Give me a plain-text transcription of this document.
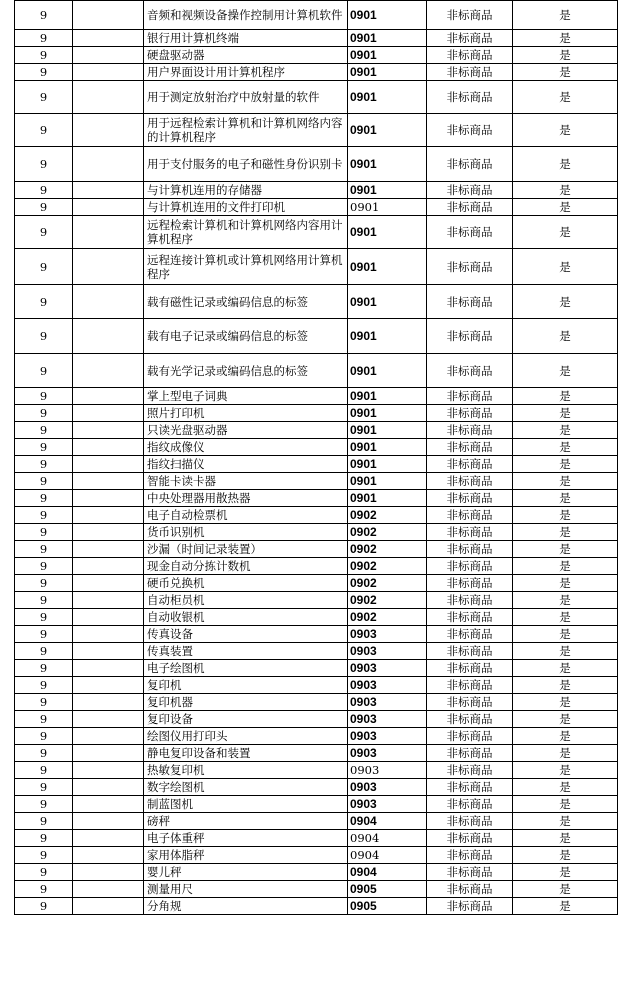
9		音频和视频设备操作控制用计算机软件	0901	非标商品	是
9		银行用计算机终端	0901	非标商品	是
9		硬盘驱动器	0901	非标商品	是
9		用户界面设计用计算机程序	0901	非标商品	是
9		用于测定放射治疗中放射量的软件	0901	非标商品	是
9		用于远程检索计算机和计算机网络内容的计算机程序	0901	非标商品	是
9		用于支付服务的电子和磁性身份识别卡	0901	非标商品	是
9		与计算机连用的存储器	0901	非标商品	是
9		与计算机连用的文件打印机	0901	非标商品	是
9		远程检索计算机和计算机网络内容用计算机程序	0901	非标商品	是
9		远程连接计算机或计算机网络用计算机程序	0901	非标商品	是
9		载有磁性记录或编码信息的标签	0901	非标商品	是
9		载有电子记录或编码信息的标签	0901	非标商品	是
9		载有光学记录或编码信息的标签	0901	非标商品	是
9		掌上型电子词典	0901	非标商品	是
9		照片打印机	0901	非标商品	是
9		只读光盘驱动器	0901	非标商品	是
9		指纹成像仪	0901	非标商品	是
9		指纹扫描仪	0901	非标商品	是
9		智能卡读卡器	0901	非标商品	是
9		中央处理器用散热器	0901	非标商品	是
9		电子自动检票机	0902	非标商品	是
9		货币识别机	0902	非标商品	是
9		沙漏（时间记录装置）	0902	非标商品	是
9		现金自动分拣计数机	0902	非标商品	是
9		硬币兑换机	0902	非标商品	是
9		自动柜员机	0902	非标商品	是
9		自动收银机	0902	非标商品	是
9		传真设备	0903	非标商品	是
9		传真装置	0903	非标商品	是
9		电子绘图机	0903	非标商品	是
9		复印机	0903	非标商品	是
9		复印机器	0903	非标商品	是
9		复印设备	0903	非标商品	是
9		绘图仪用打印头	0903	非标商品	是
9		静电复印设备和装置	0903	非标商品	是
9		热敏复印机	0903	非标商品	是
9		数字绘图机	0903	非标商品	是
9		制蓝图机	0903	非标商品	是
9		磅秤	0904	非标商品	是
9		电子体重秤	0904	非标商品	是
9		家用体脂秤	0904	非标商品	是
9		婴儿秤	0904	非标商品	是
9		测量用尺	0905	非标商品	是
9		分角规	0905	非标商品	是
